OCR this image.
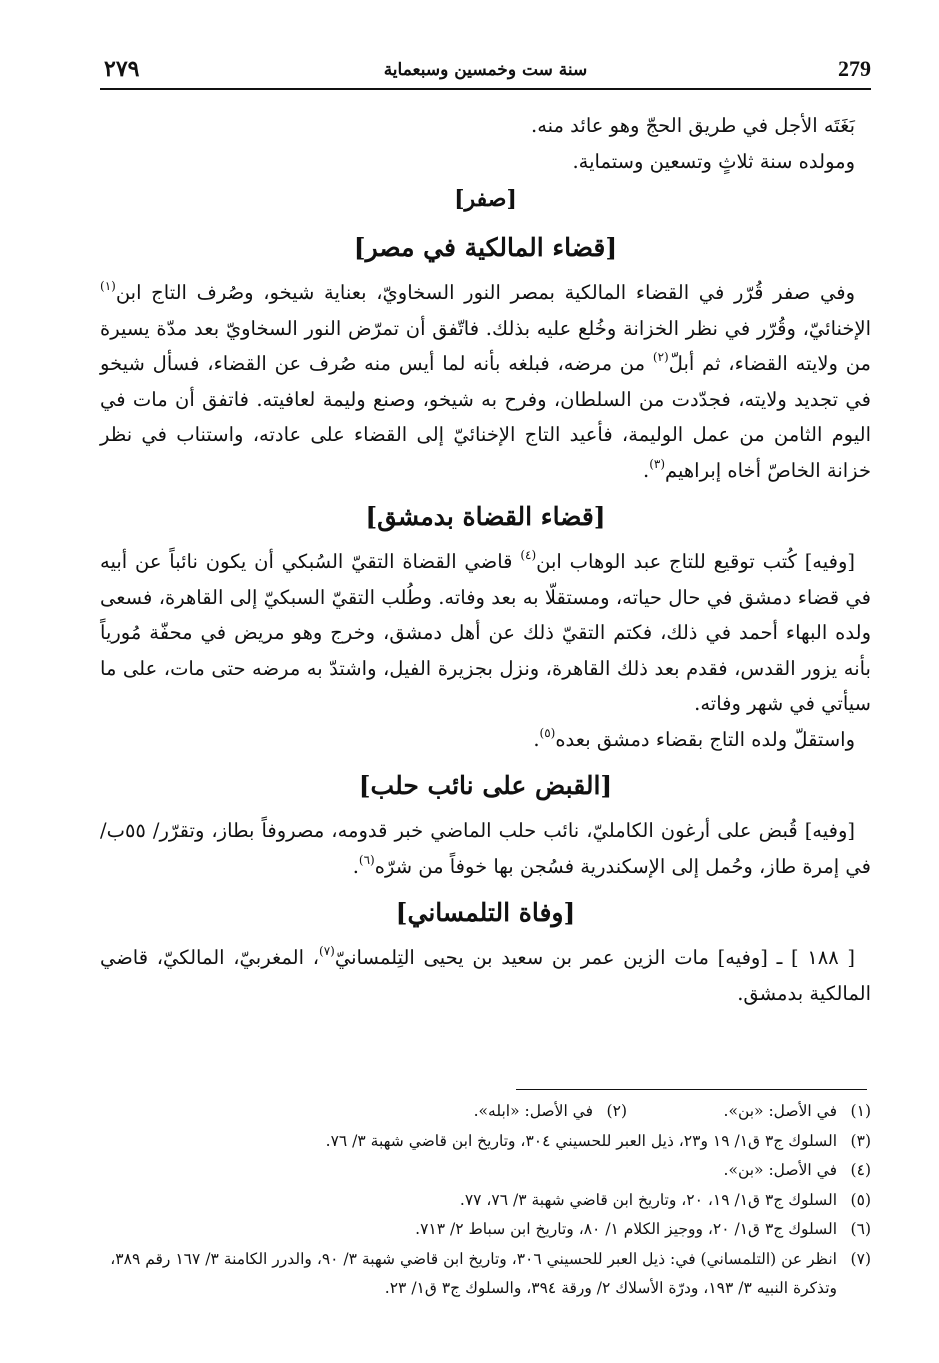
٢٧٩	سنة ست وخمسين وسبعماية	279

بَغَتَه الأجل في طريق الحجّ وهو عائد منه.

ومولده سنة ثلاثٍ وتسعين وستماية.

[صفر]
[قضاء المالكية في مصر]

وفي صفر قُرّر في القضاء المالكية بمصر النور السخاويّ، بعناية شيخو، وصُرف التاج ابن$^{(١)}$ الإخنائيّ، وقُرّر في نظر الخزانة وخُلع عليه بذلك. فاتّفق أن تمرّض النور السخاويّ بعد مدّة يسيرة من ولايته القضاء، ثم أبلّ$^{(٢)}$ من مرضه، فبلغه بأنه لما أيس منه صُرف عن القضاء، فسأل شيخو في تجديد ولايته، فجدّدت من السلطان، وفرح به شيخو، وصنع وليمة لعافيته. فاتفق أن مات في اليوم الثامن من عمل الوليمة، فأعيد التاج الإخنائيّ إلى القضاء على عادته، واستناب في نظر خزانة الخاصّ أخاه إبراهيم$^{(٣)}$.

[قضاء القضاة بدمشق]

[وفيه] كُتب توقيع للتاج عبد الوهاب ابن$^{(٤)}$ قاضي القضاة التقيّ السُبكي أن يكون نائباً عن أبيه في قضاء دمشق في حال حياته، ومستقلّا به بعد وفاته. وطُلب التقيّ السبكيّ إلى القاهرة، فسعى ولده البهاء أحمد في ذلك، فكتم التقيّ ذلك عن أهل دمشق، وخرج وهو مريض في محفّة مُورياً بأنه يزور القدس، فقدم بعد ذلك القاهرة، ونزل بجزيرة الفيل، واشتدّ به مرضه حتى مات، على ما سيأتي في شهر وفاته.

واستقلّ ولده التاج بقضاء دمشق بعده$^{(٥)}$.

[القبض على نائب حلب]

[وفيه] قُبض على أرغون الكامليّ، نائب حلب الماضي خبر قدومه، مصروفاً بطاز، وتقرّر/ ٥٥ب/ في إمرة طاز، وحُمل إلى الإسكندرية فسُجن بها خوفاً من شرّه$^{(٦)}$.

[وفاة التلمساني]

[ ١٨٨ ] ـ [وفيه] مات الزين عمر بن سعيد بن يحيى التِلمسانيّ$^{(٧)}$، المغربيّ، المالكيّ، قاضي المالكية بدمشق.

(١)
في الأصل: «بن».
(٢)
في الأصل: «ابله».
(٣)
السلوك ج٣ ق١/ ١٩ و٢٣، ذيل العبر للحسيني ٣٠٤، وتاريخ ابن قاضي شهبة ٣/ ٧٦.
(٤)
في الأصل: «بن».
(٥)
السلوك ج٣ ق١/ ١٩، ٢٠، وتاريخ ابن قاضي شهبة ٣/ ٧٦، ٧٧.
(٦)
السلوك ج٣ ق١/ ٢٠، ووجيز الكلام ١/ ٨٠، وتاريخ ابن سباط ٢/ ٧١٣.
(٧)
انظر عن (التلمساني) في: ذيل العبر للحسيني ٣٠٦، وتاريخ ابن قاضي شهبة ٣/ ٩٠، والدرر الكامنة ٣/ ١٦٧ رقم ٣٨٩، وتذكرة النبيه ٣/ ١٩٣، ودرّة الأسلاك ٢/ ورقة ٣٩٤، والسلوك ج٣ ق١/ ٢٣.
